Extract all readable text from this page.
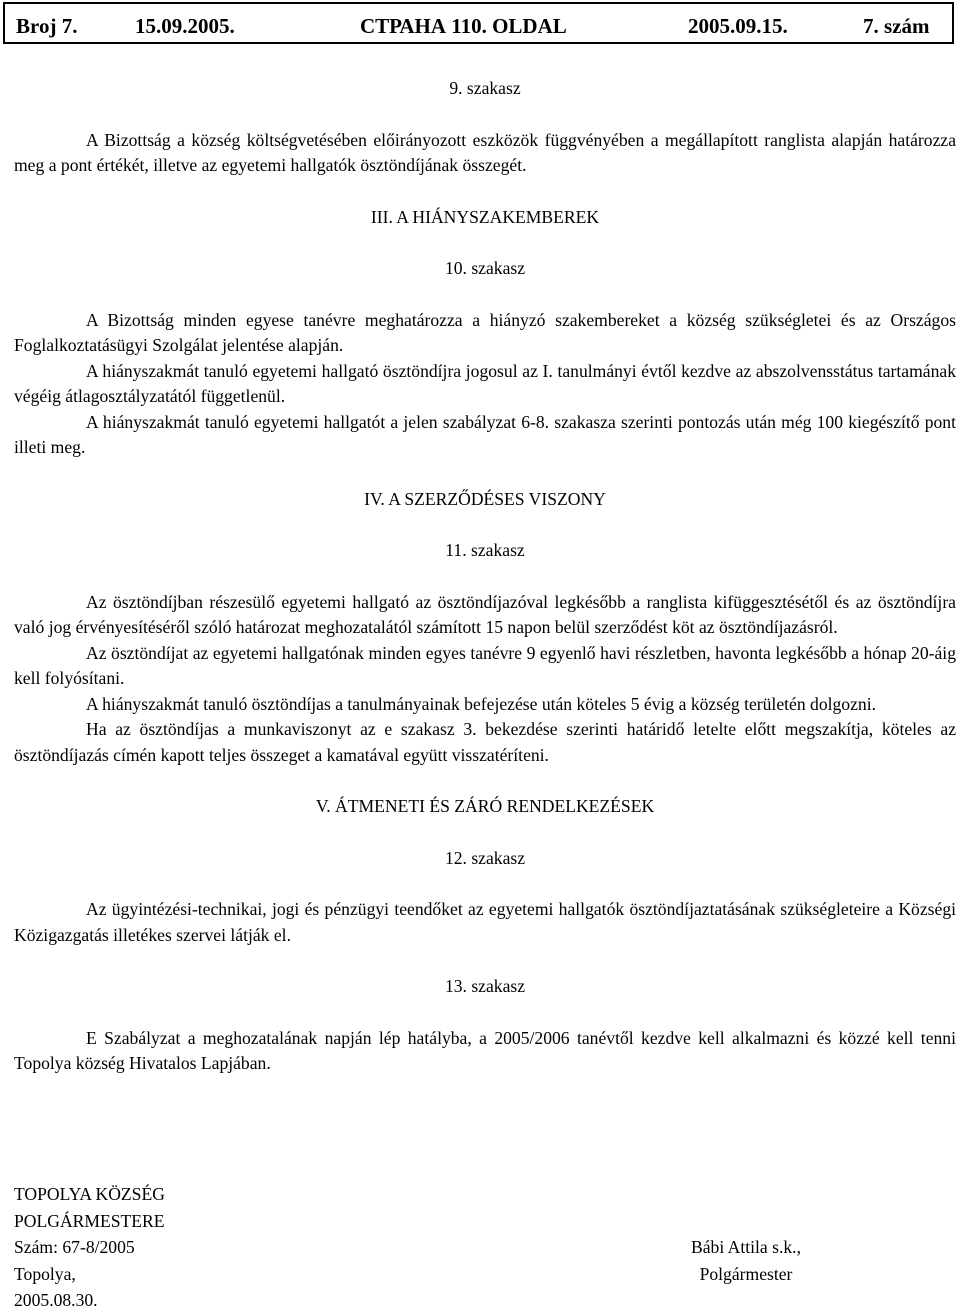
Broj 7.	15.09.2005.	СТРАНА 110. OLDAL	2005.09.15.	7. szám

9. szakasz

A Bizottság a község költségvetésében előirányozott eszközök függvényében a megállapított ranglista alapján határozza meg a pont értékét, illetve az egyetemi hallgatók ösztöndíjának összegét.

III. A HIÁNYSZAKEMBEREK

10. szakasz

A Bizottság minden egyese tanévre meghatározza a hiányzó szakembereket a község szükségletei és az Országos Foglalkoztatásügyi Szolgálat jelentése alapján.

A hiányszakmát tanuló egyetemi hallgató ösztöndíjra jogosul az I. tanulmányi évtől kezdve az abszolvensstátus tartamának végéig átlagosztályzatától függetlenül.

A hiányszakmát tanuló egyetemi hallgatót a jelen szabályzat 6-8. szakasza szerinti pontozás után még 100 kiegészítő pont illeti meg.

IV. A SZERZŐDÉSES VISZONY

11. szakasz

Az ösztöndíjban részesülő egyetemi hallgató az ösztöndíjazóval legkésőbb a ranglista kifüggesztésétől és az ösztöndíjra való jog érvényesítéséről szóló határozat meghozatalától számított 15 napon belül szerződést köt az ösztöndíjazásról.

Az ösztöndíjat az egyetemi hallgatónak minden egyes tanévre 9 egyenlő havi részletben, havonta legkésőbb a hónap 20-áig kell folyósítani.

A hiányszakmát tanuló ösztöndíjas a tanulmányainak befejezése után köteles 5 évig a község területén dolgozni.

Ha az ösztöndíjas a munkaviszonyt az e szakasz 3. bekezdése szerinti határidő letelte előtt megszakítja, köteles az ösztöndíjazás címén kapott teljes összeget a kamatával együtt visszatéríteni.

V. ÁTMENETI ÉS ZÁRÓ RENDELKEZÉSEK

12. szakasz

Az ügyintézési-technikai, jogi és pénzügyi teendőket az egyetemi hallgatók ösztöndíjaztatásának szükségleteire a Községi Közigazgatás illetékes szervei látják el.

13. szakasz

E Szabályzat a meghozatalának napján lép hatályba, a 2005/2006 tanévtől kezdve kell alkalmazni és közzé kell tenni Topolya község Hivatalos Lapjában.

TOPOLYA KÖZSÉG
POLGÁRMESTERE
Szám: 67-8/2005
Topolya,
2005.08.30.
Bábi Attila s.k.,
Polgármester
